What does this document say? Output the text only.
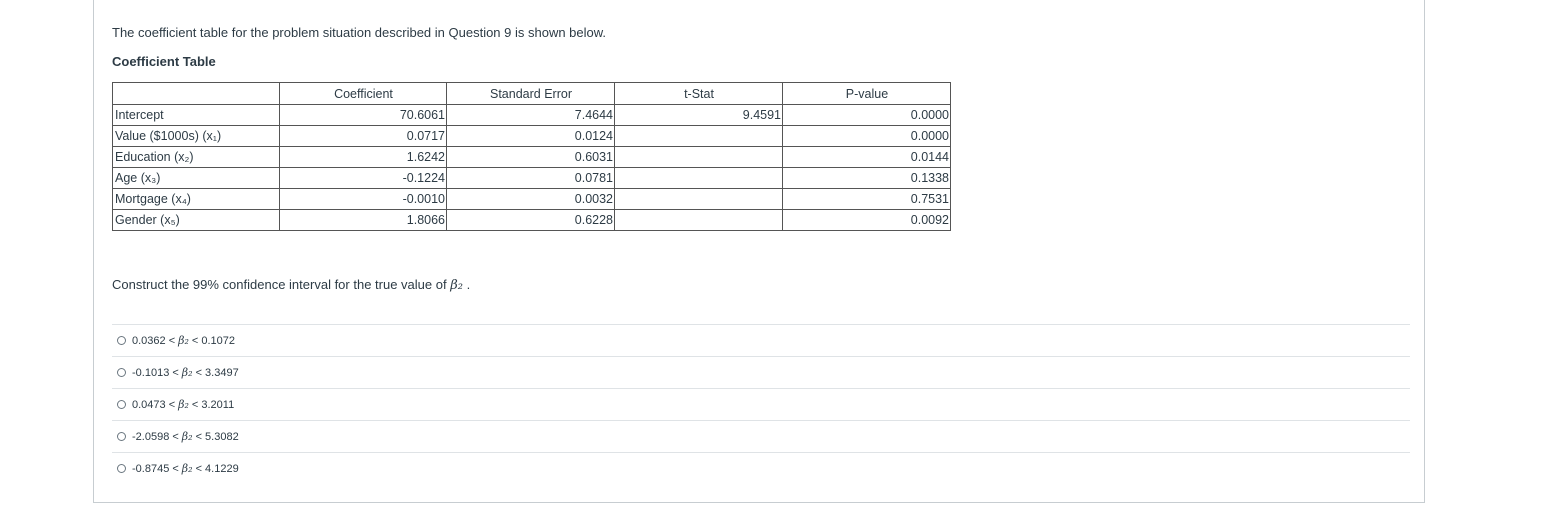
The coefficient table for the problem situation described in Question 9 is shown below.
Coefficient Table
	Coefficient	Standard Error	t-Stat	P-value
Intercept	70.6061	7.4644	9.4591	0.0000
Value ($1000s) (x₁)	0.0717	0.0124		0.0000
Education (x₂)	1.6242	0.6031		0.0144
Age (x₃)	-0.1224	0.0781		0.1338
Mortgage (x₄)	-0.0010	0.0032		0.7531
Gender (x₅)	1.8066	0.6228		0.0092
Construct the 99% confidence interval for the true value of β₂ .
0.0362 < β₂ < 0.1072
-0.1013 < β₂ < 3.3497
0.0473 < β₂ < 3.2011
-2.0598 < β₂ < 5.3082
-0.8745 < β₂ < 4.1229
